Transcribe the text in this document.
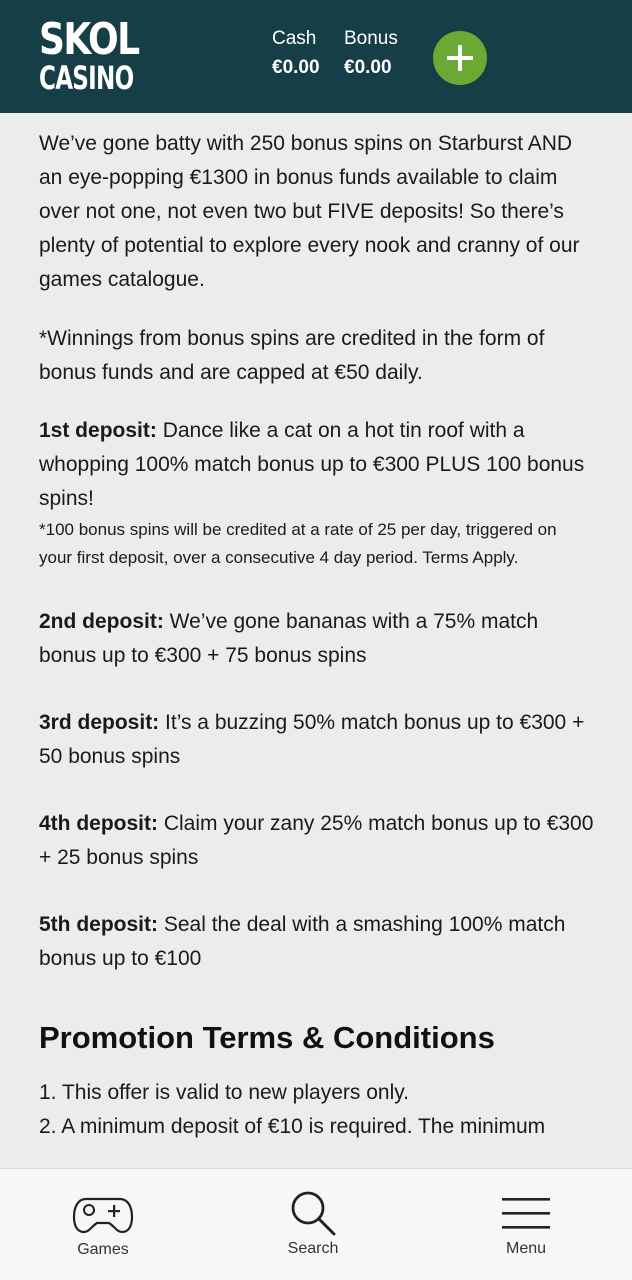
SKOL
CASINO
Cash
€0.00
Bonus
€0.00

We’ve gone batty with 250 bonus spins on Starburst AND an eye-popping €1300 in bonus funds available to claim over not one, not even two but FIVE deposits! So there’s plenty of potential to explore every nook and cranny of our games catalogue.

*Winnings from bonus spins are credited in the form of bonus funds and are capped at €50 daily.

1st deposit: Dance like a cat on a hot tin roof with a whopping 100% match bonus up to €300 PLUS 100 bonus spins!

*100 bonus spins will be credited at a rate of 25 per day, triggered on your first deposit, over a consecutive 4 day period. Terms Apply.

2nd deposit: We’ve gone bananas with a 75% match bonus up to €300 + 75 bonus spins

3rd deposit: It’s a buzzing 50% match bonus up to €300 + 50 bonus spins

4th deposit: Claim your zany 25% match bonus up to €300 + 25 bonus spins

5th deposit: Seal the deal with a smashing 100% match bonus up to €100

Promotion Terms & Conditions
1. This offer is valid to new players only.
2. A minimum deposit of €10 is required. The minimum
Games	Search	Menu
